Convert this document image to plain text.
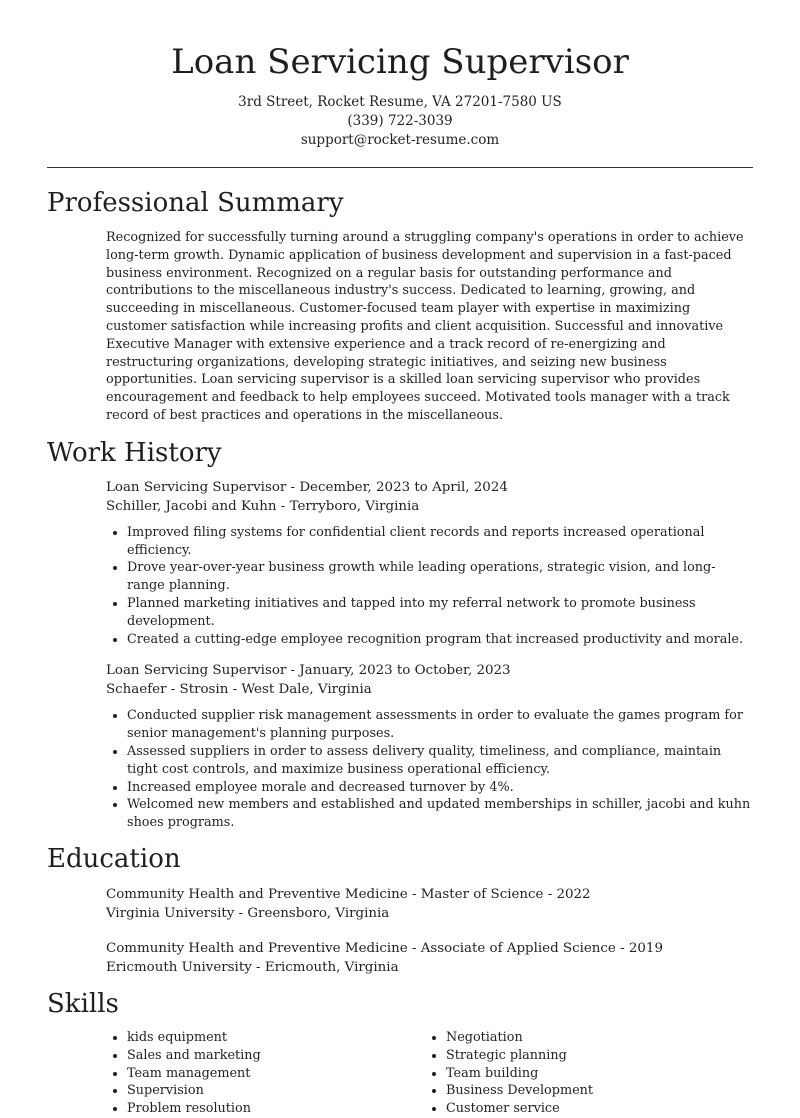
Loan Servicing Supervisor
3rd Street, Rocket Resume, VA 27201-7580 US
(339) 722-3039
support@rocket-resume.com
Professional Summary

Recognized for successfully turning around a struggling company's operations in order to achieve long-term growth. Dynamic application of business development and supervision in a fast-paced business environment. Recognized on a regular basis for outstanding performance and contributions to the miscellaneous industry's success. Dedicated to learning, growing, and succeeding in miscellaneous. Customer-focused team player with expertise in maximizing customer satisfaction while increasing profits and client acquisition. Successful and innovative Executive Manager with extensive experience and a track record of re-energizing and restructuring organizations, developing strategic initiatives, and seizing new business opportunities. Loan servicing supervisor is a skilled loan servicing supervisor who provides encouragement and feedback to help employees succeed. Motivated tools manager with a track record of best practices and operations in the miscellaneous.

Work History
Loan Servicing Supervisor - December, 2023 to April, 2024
Schiller, Jacobi and Kuhn - Terryboro, Virginia
• Improved filing systems for confidential client records and reports increased operational efficiency.
• Drove year-over-year business growth while leading operations, strategic vision, and long-range planning.
• Planned marketing initiatives and tapped into my referral network to promote business development.
• Created a cutting-edge employee recognition program that increased productivity and morale.
Loan Servicing Supervisor - January, 2023 to October, 2023
Schaefer - Strosin - West Dale, Virginia
• Conducted supplier risk management assessments in order to evaluate the games program for senior management's planning purposes.
• Assessed suppliers in order to assess delivery quality, timeliness, and compliance, maintain tight cost controls, and maximize business operational efficiency.
• Increased employee morale and decreased turnover by 4%.
• Welcomed new members and established and updated memberships in schiller, jacobi and kuhn shoes programs.
Education
Community Health and Preventive Medicine - Master of Science - 2022
Virginia University - Greensboro, Virginia
Community Health and Preventive Medicine - Associate of Applied Science - 2019
Ericmouth University - Ericmouth, Virginia
Skills
• kids equipment
• Sales and marketing
• Team management
• Supervision
• Problem resolution
• Negotiation
• Strategic planning
• Team building
• Business Development
• Customer service
